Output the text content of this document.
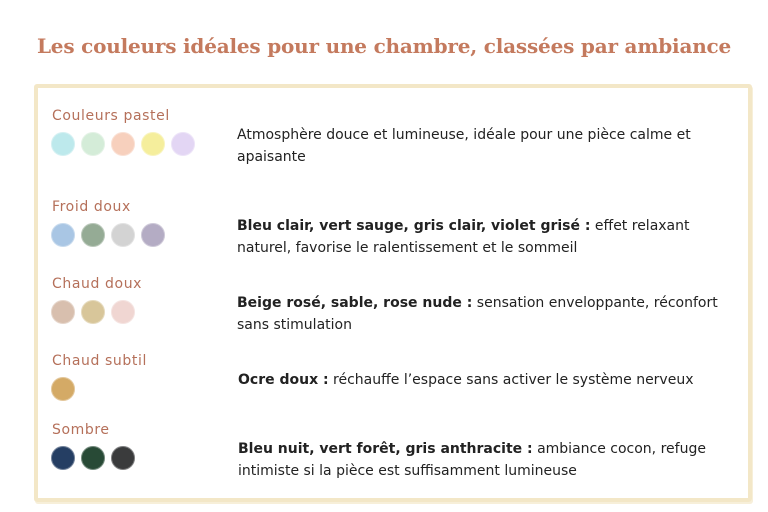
Les couleurs idéales pour une chambre, classées par ambiance
Couleurs pastel
Atmosphère douce et lumineuse, idéale pour une pièce calme et apaisante
Froid doux
Bleu clair, vert sauge, gris clair, violet grisé : effet relaxant naturel, favorise le ralentissement et le sommeil
Chaud doux
Beige rosé, sable, rose nude : sensation enveloppante, réconfort sans stimulation
Chaud subtil
Ocre doux : réchauffe l’espace sans activer le système nerveux
Sombre
Bleu nuit, vert forêt, gris anthracite : ambiance cocon, refuge intimiste si la pièce est suffisamment lumineuse
